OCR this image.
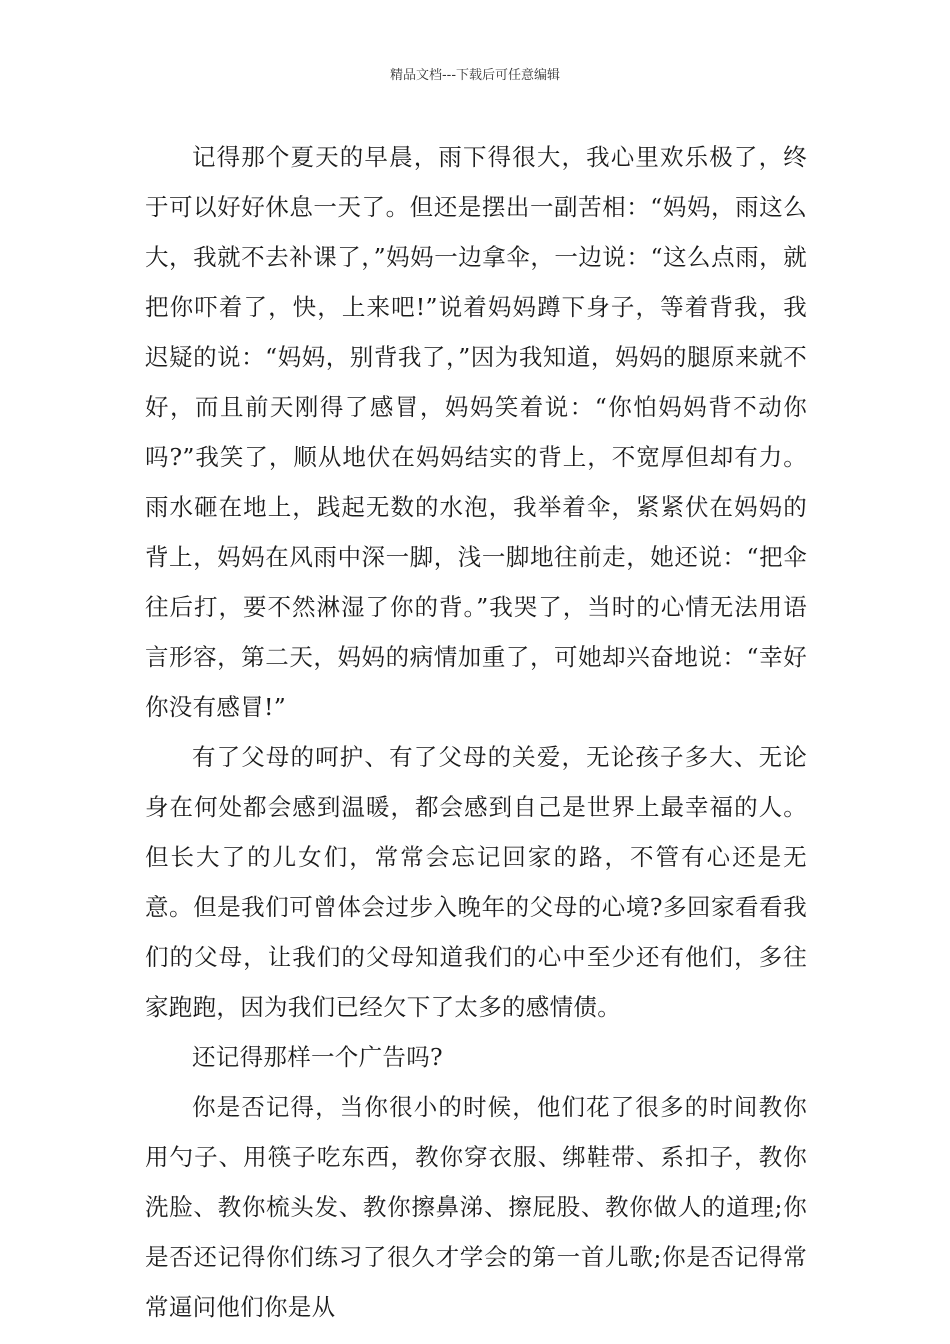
精品文档---下载后可任意编辑

记得那个夏天的早晨，雨下得很大，我心里欢乐极了，终于可以好好休息一天了。但还是摆出一副苦相：“妈妈，雨这么大，我就不去补课了，”妈妈一边拿伞，一边说：“这么点雨，就把你吓着了，快，上来吧!”说着妈妈蹲下身子，等着背我，我迟疑的说：“妈妈，别背我了，”因为我知道，妈妈的腿原来就不好，而且前天刚得了感冒，妈妈笑着说：“你怕妈妈背不动你吗?”我笑了，顺从地伏在妈妈结实的背上，不宽厚但却有力。雨水砸在地上，践起无数的水泡，我举着伞，紧紧伏在妈妈的背上，妈妈在风雨中深一脚，浅一脚地往前走，她还说：“把伞往后打，要不然淋湿了你的背。”我哭了，当时的心情无法用语言形容，第二天，妈妈的病情加重了，可她却兴奋地说：“幸好你没有感冒!”

有了父母的呵护、有了父母的关爱，无论孩子多大、无论身在何处都会感到温暖，都会感到自己是世界上最幸福的人。但长大了的儿女们，常常会忘记回家的路，不管有心还是无意。但是我们可曾体会过步入晚年的父母的心境?多回家看看我们的父母，让我们的父母知道我们的心中至少还有他们，多往家跑跑，因为我们已经欠下了太多的感情债。

还记得那样一个广告吗?

你是否记得，当你很小的时候，他们花了很多的时间教你用勺子、用筷子吃东西，教你穿衣服、绑鞋带、系扣子，教你洗脸、教你梳头发、教你擦鼻涕、擦屁股、教你做人的道理;你是否还记得你们练习了很久才学会的第一首儿歌;你是否记得常常逼问他们你是从
